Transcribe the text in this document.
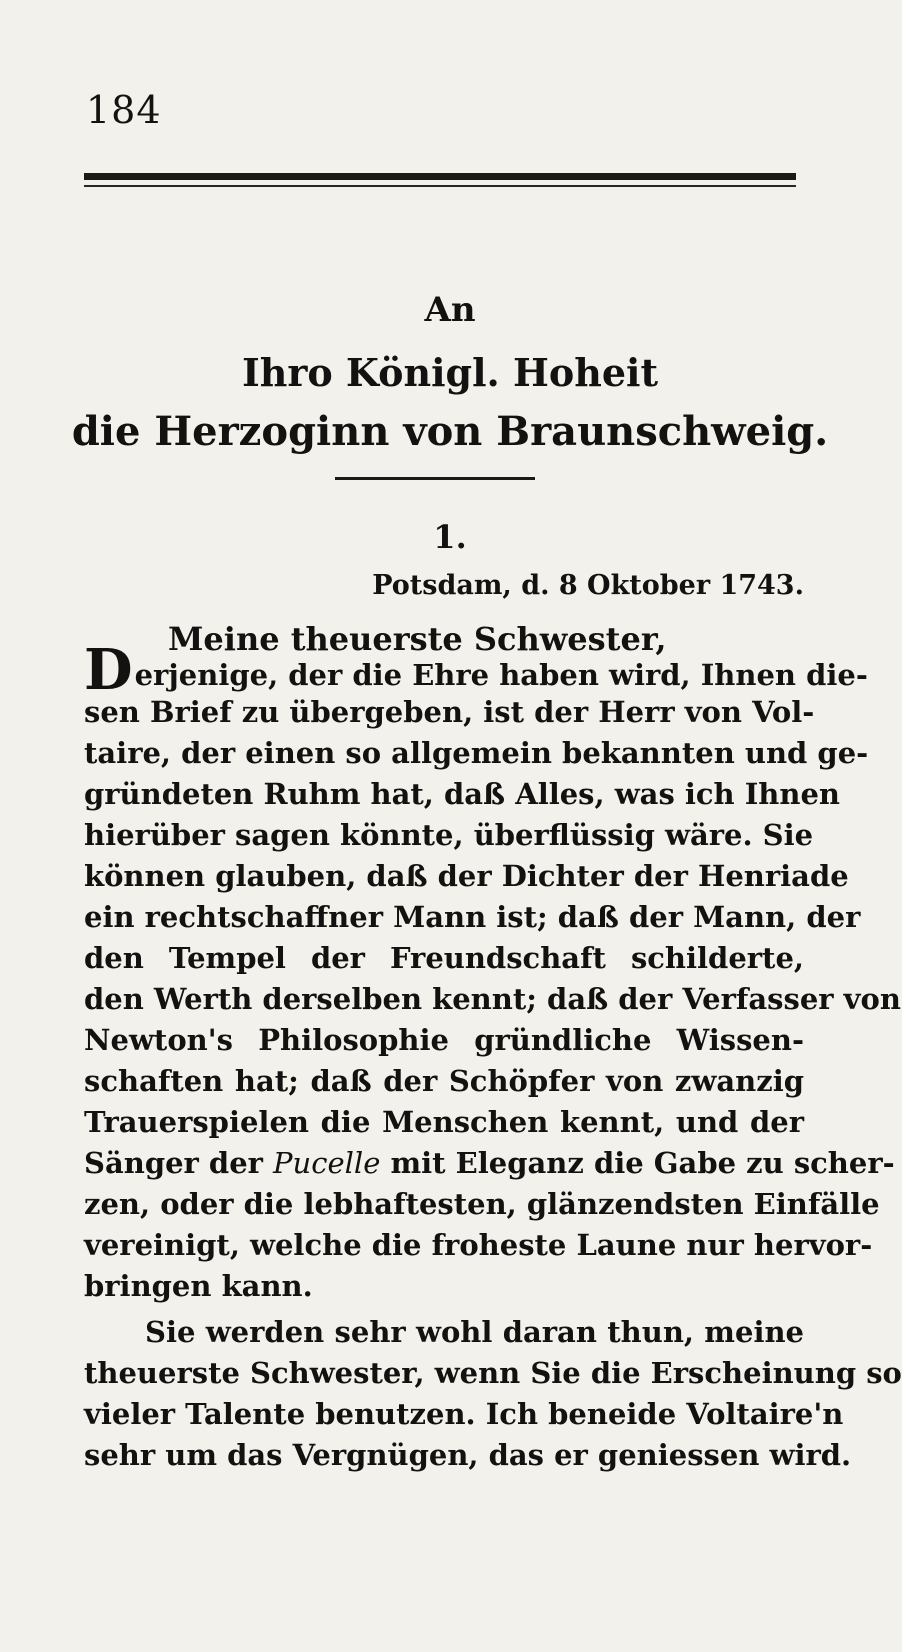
184
An
Ihro Königl. Hoheit
die Herzoginn von Braunschweig.
1.
Potsdam, d. 8 Oktober 1743.
Meine theuerste Schwester,
Derjenige, der die Ehre haben wird, Ihnen die-
sen Brief zu übergeben, ist der Herr von Vol-
taire, der einen so allgemein bekannten und ge-
gründeten Ruhm hat, daß Alles, was ich Ihnen
hierüber sagen könnte, überflüssig wäre. Sie
können glauben, daß der Dichter der Henriade
ein rechtschaffner Mann ist; daß der Mann, der
den Tempel der Freundschaft schilderte,
den Werth derselben kennt; daß der Verfasser von
Newton's Philosophie gründliche Wissen-
schaften hat; daß der Schöpfer von zwanzig
Trauerspielen die Menschen kennt, und der
Sänger der Pucelle mit Eleganz die Gabe zu scher-
zen, oder die lebhaftesten, glänzendsten Einfälle
vereinigt, welche die froheste Laune nur hervor-
bringen kann.
Sie werden sehr wohl daran thun, meine
theuerste Schwester, wenn Sie die Erscheinung so
vieler Talente benutzen. Ich beneide Voltaire'n
sehr um das Vergnügen, das er geniessen wird.
